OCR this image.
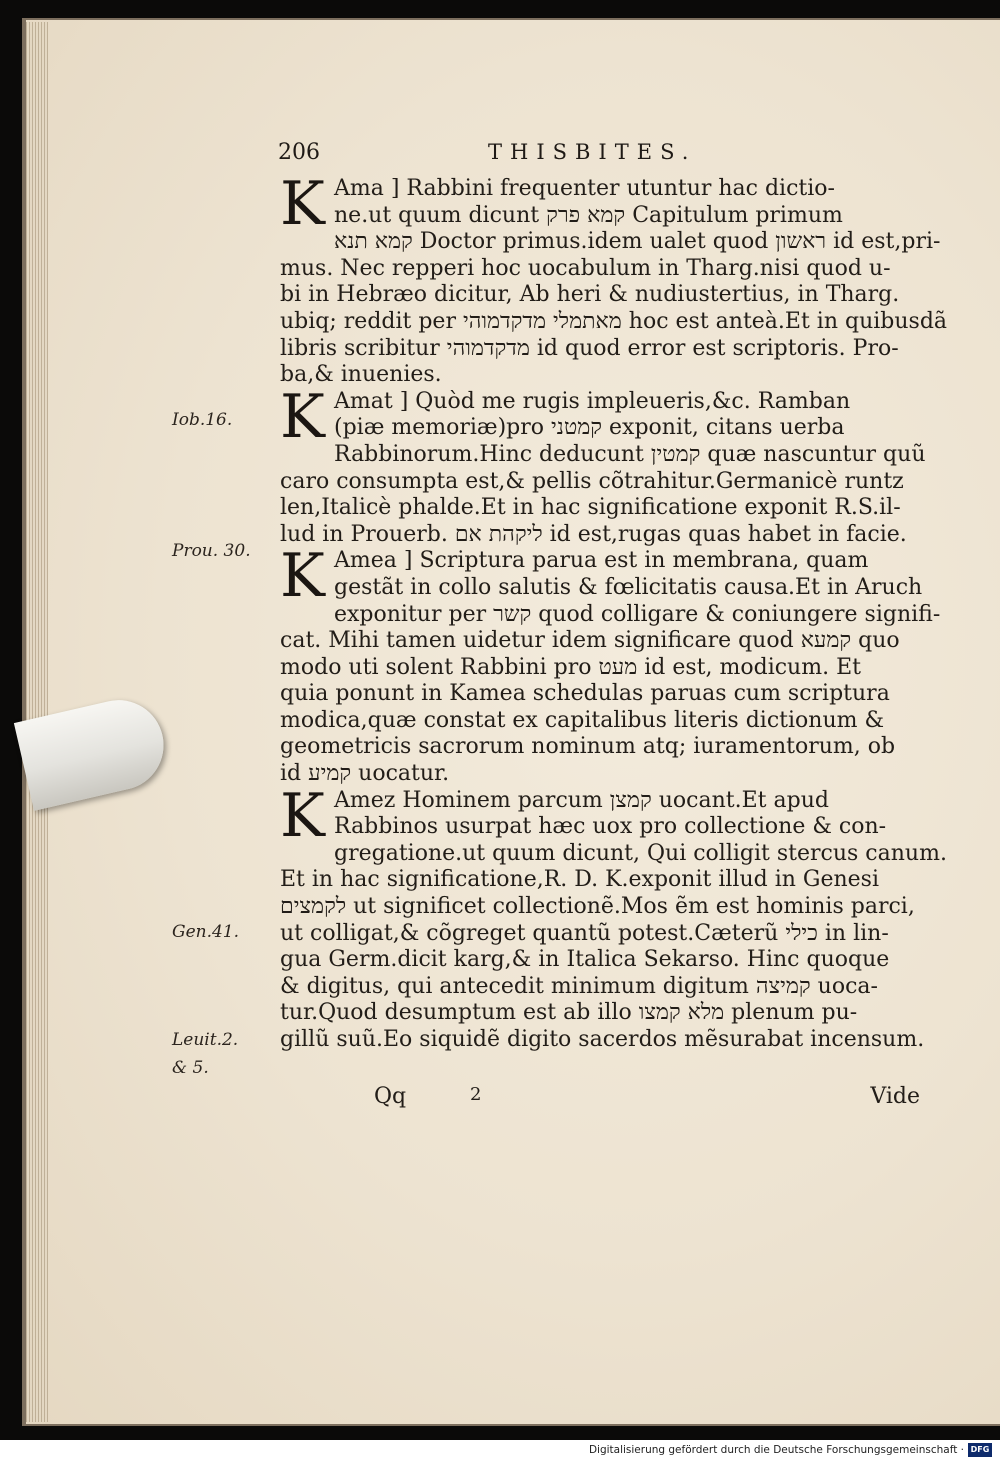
206	THISBITES.
K Ama ] Rabbini frequenter utuntur hac dictio-
ne.ut quum dicunt קמא פרק Capitulum primum
קמא תנא Doctor primus.idem ualet quod ראשון id est,pri-
mus. Nec repperi hoc uocabulum in Tharg.nisi quod u-
bi in Hebræo dicitur, Ab heri & nudiustertius, in Tharg.
ubiq; reddit per מאתמלי מדקדמוהי hoc est anteà.Et in quibusdã
libris scribitur מדקדמוהי id quod error est scriptoris. Pro-
ba,& inuenies.
K Amat ] Quòd me rugis impleueris,&c. Ramban
(piæ memoriæ)pro קמטני exponit, citans uerba
Rabbinorum.Hinc deducunt קמטין quæ nascuntur quũ
caro consumpta est,& pellis cõtrahitur.Germanicè runtz
len,Italicè phalde.Et in hac significatione exponit R.S.il-
lud in Prouerb. ליקהת אם id est,rugas quas habet in facie.
K Amea ] Scriptura parua est in membrana, quam
gestãt in collo salutis & fœlicitatis causa.Et in Aruch
exponitur per קשר quod colligare & coniungere signifi-
cat. Mihi tamen uidetur idem significare quod קמעא quo
modo uti solent Rabbini pro מעט id est, modicum. Et
quia ponunt in Kamea schedulas paruas cum scriptura
modica,quæ constat ex capitalibus literis dictionum &
geometricis sacrorum nominum atq; iuramentorum, ob
id קמיע uocatur.
K Amez Hominem parcum קמצן uocant.Et apud
Rabbinos usurpat hæc uox pro collectione & con-
gregatione.ut quum dicunt, Qui colligit stercus canum.
Et in hac significatione,R. D. K.exponit illud in Genesi
לקמצים ut significet collectionẽ.Mos ẽm est hominis parci,
ut colligat,& cõgreget quantũ potest.Cæterũ כילי in lin-
gua Germ.dicit karg,& in Italica Sekarso. Hinc quoque
& digitus, qui antecedit minimum digitum קמיצה uoca-
tur.Quod desumptum est ab illo מלא קמצו plenum pu-
gillũ suũ.Eo siquidẽ digito sacerdos mẽsurabat incensum.
Iob.16.
Prou. 30.
Gen.41.
Leuit.2.
& 5.
Qq	2	Vide
Digitalisierung gefördert durch die Deutsche Forschungsgemeinschaft · DFG
